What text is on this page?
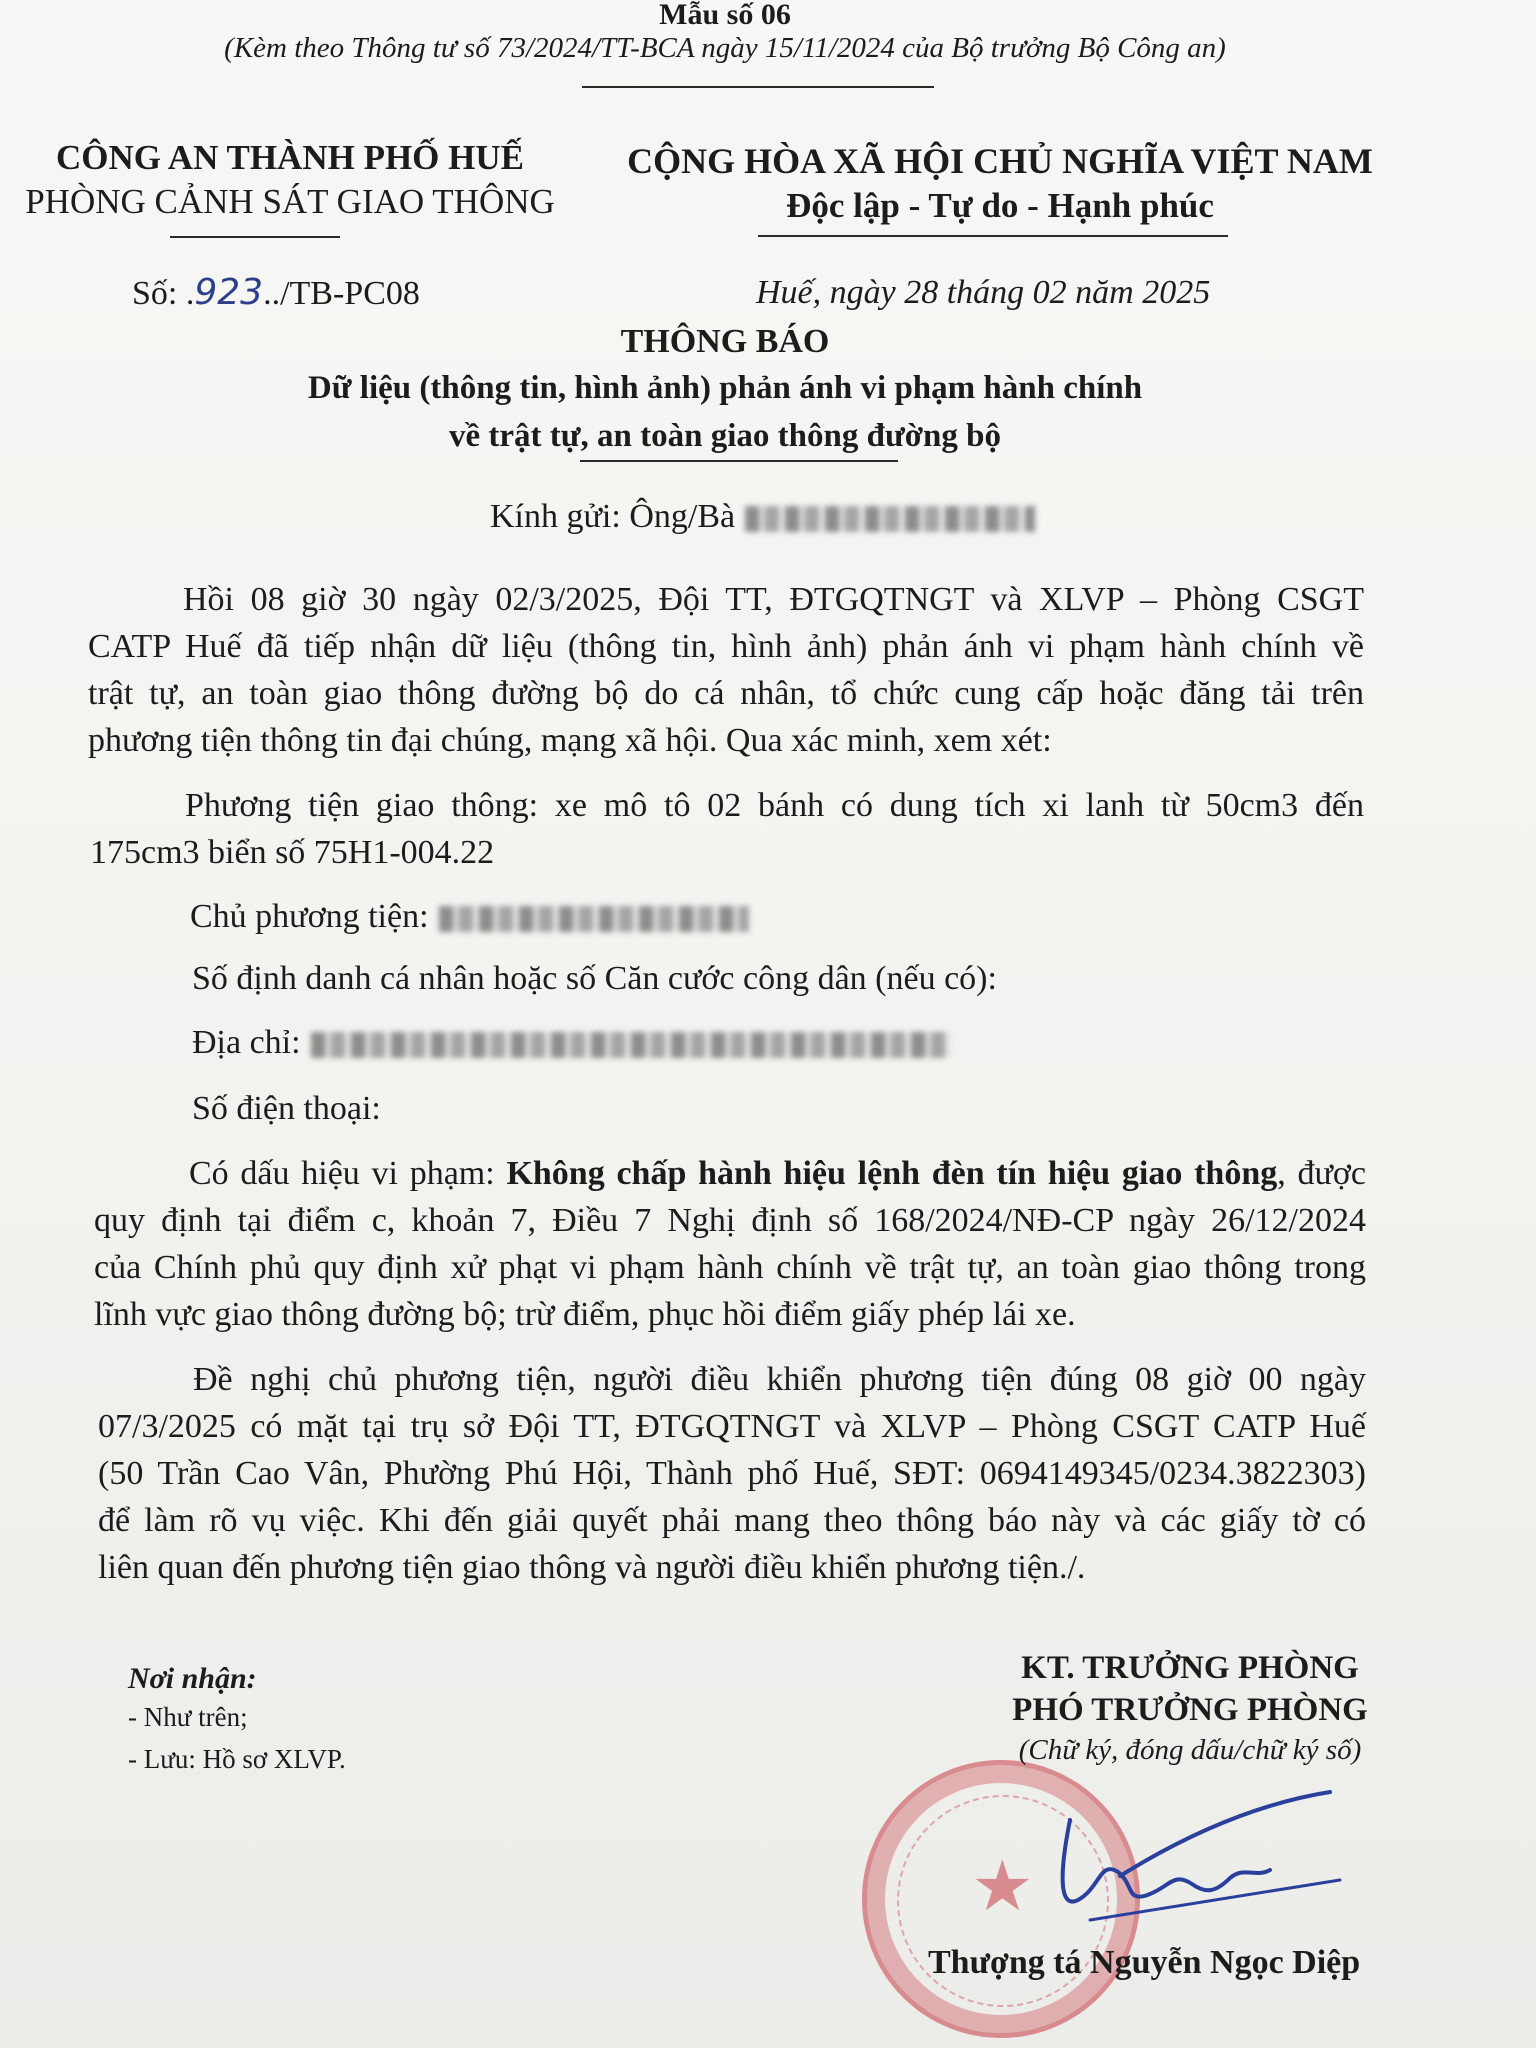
Mẫu số 06
(Kèm theo Thông tư số 73/2024/TT-BCA ngày 15/11/2024 của Bộ trưởng Bộ Công an)
CÔNG AN THÀNH PHỐ HUẾ
PHÒNG CẢNH SÁT GIAO THÔNG
CỘNG HÒA XÃ HỘI CHỦ NGHĨA VIỆT NAM
Độc lập - Tự do - Hạnh phúc
Số: .923../TB-PC08	Huế, ngày 28 tháng 02 năm 2025
THÔNG BÁO
Dữ liệu (thông tin, hình ảnh) phản ánh vi phạm hành chính
về trật tự, an toàn giao thông đường bộ
Kính gửi: Ông/Bà

Hồi 08 giờ 30 ngày 02/3/2025, Đội TT, ĐTGQTNGT và XLVP – Phòng CSGT

CATP Huế đã tiếp nhận dữ liệu (thông tin, hình ảnh) phản ánh vi phạm hành chính về

trật tự, an toàn giao thông đường bộ do cá nhân, tổ chức cung cấp hoặc đăng tải trên

phương tiện thông tin đại chúng, mạng xã hội. Qua xác minh, xem xét:

Phương tiện giao thông: xe mô tô 02 bánh có dung tích xi lanh từ 50cm3 đến

175cm3 biển số 75H1-004.22

Chủ phương tiện:
Số định danh cá nhân hoặc số Căn cước công dân (nếu có):
Địa chỉ:
Số điện thoại:

Có dấu hiệu vi phạm: Không chấp hành hiệu lệnh đèn tín hiệu giao thông, được

quy định tại điểm c, khoản 7, Điều 7 Nghị định số 168/2024/NĐ-CP ngày 26/12/2024

của Chính phủ quy định xử phạt vi phạm hành chính về trật tự, an toàn giao thông trong

lĩnh vực giao thông đường bộ; trừ điểm, phục hồi điểm giấy phép lái xe.

Đề nghị chủ phương tiện, người điều khiển phương tiện đúng 08 giờ 00 ngày

07/3/2025 có mặt tại trụ sở Đội TT, ĐTGQTNGT và XLVP – Phòng CSGT CATP Huế

(50 Trần Cao Vân, Phường Phú Hội, Thành phố Huế, SĐT: 0694149345/0234.3822303)

để làm rõ vụ việc. Khi đến giải quyết phải mang theo thông báo này và các giấy tờ có

liên quan đến phương tiện giao thông và người điều khiển phương tiện./.

Nơi nhận:
- Như trên;
- Lưu: Hồ sơ XLVP.
★
KT. TRƯỞNG PHÒNG
PHÓ TRƯỞNG PHÒNG
(Chữ ký, đóng dấu/chữ ký số)
Thượng tá Nguyễn Ngọc Diệp
